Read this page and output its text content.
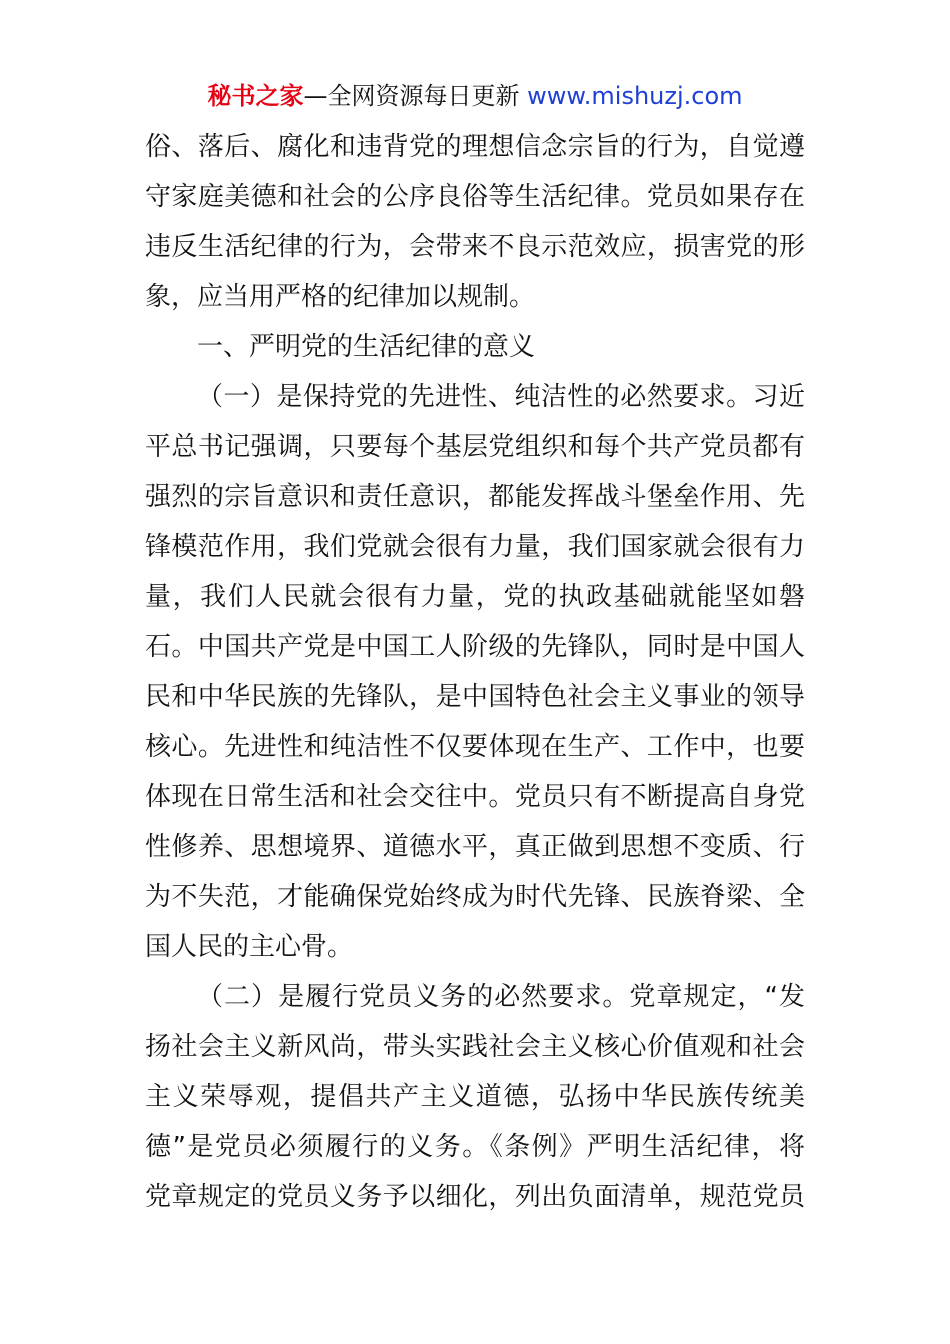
秘书之家—全网资源每日更新 www.mishuzj.com
俗、落后、腐化和违背党的理想信念宗旨的行为，自觉遵
守家庭美德和社会的公序良俗等生活纪律。党员如果存在
违反生活纪律的行为，会带来不良示范效应，损害党的形
象，应当用严格的纪律加以规制。
一、严明党的生活纪律的意义
（一）是保持党的先进性、纯洁性的必然要求。习近
平总书记强调，只要每个基层党组织和每个共产党员都有
强烈的宗旨意识和责任意识，都能发挥战斗堡垒作用、先
锋模范作用，我们党就会很有力量，我们国家就会很有力
量，我们人民就会很有力量，党的执政基础就能坚如磐
石。中国共产党是中国工人阶级的先锋队，同时是中国人
民和中华民族的先锋队，是中国特色社会主义事业的领导
核心。先进性和纯洁性不仅要体现在生产、工作中，也要
体现在日常生活和社会交往中。党员只有不断提高自身党
性修养、思想境界、道德水平，真正做到思想不变质、行
为不失范，才能确保党始终成为时代先锋、民族脊梁、全
国人民的主心骨。
（二）是履行党员义务的必然要求。党章规定，“发
扬社会主义新风尚，带头实践社会主义核心价值观和社会
主义荣辱观，提倡共产主义道德，弘扬中华民族传统美
德”是党员必须履行的义务。《条例》严明生活纪律，将
党章规定的党员义务予以细化，列出负面清单，规范党员
